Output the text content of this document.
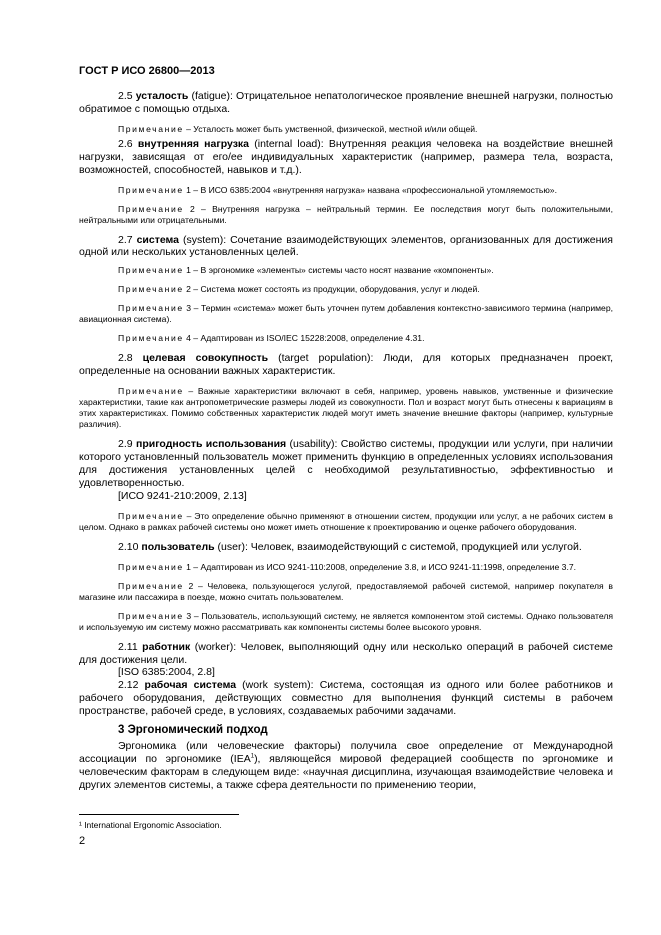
ГОСТ Р ИСО 26800—2013

2.5 усталость (fatigue): Отрицательное непатологическое проявление внешней нагрузки, полностью обратимое с помощью отдыха.

Примечание – Усталость может быть умственной, физической, местной и/или общей.

2.6 внутренняя нагрузка (internal load): Внутренняя реакция человека на воздействие внешней нагрузки, зависящая от его/ее индивидуальных характеристик (например, размера тела, возраста, возможностей, способностей, навыков и т.д.).

Примечание 1 – В ИСО 6385:2004 «внутренняя нагрузка» названа «профессиональной утомляемостью».

Примечание 2 – Внутренняя нагрузка – нейтральный термин. Ее последствия могут быть положительными, нейтральными или отрицательными.

2.7 система (system): Сочетание взаимодействующих элементов, организованных для достижения одной или нескольких установленных целей.

Примечание 1 – В эргономике «элементы» системы часто носят название «компоненты».

Примечание 2 – Система может состоять из продукции, оборудования, услуг и людей.

Примечание 3 – Термин «система» может быть уточнен путем добавления контекстно-зависимого термина (например, авиационная система).

Примечание 4 – Адаптирован из ISO/IEC 15228:2008, определение 4.31.

2.8 целевая совокупность (target population): Люди, для которых предназначен проект, определенные на основании важных характеристик.

Примечание – Важные характеристики включают в себя, например, уровень навыков, умственные и физические характеристики, такие как антропометрические размеры людей из совокупности. Пол и возраст могут быть отнесены к вариациям в этих характеристиках. Помимо собственных характеристик людей могут иметь значение внешние факторы (например, культурные различия).

2.9 пригодность использования (usability): Свойство системы, продукции или услуги, при наличии которого установленный пользователь может применить функцию в определенных условиях использования для достижения установленных целей с необходимой результативностью, эффективностью и удовлетворенностью.

[ИСО 9241-210:2009, 2.13]

Примечание – Это определение обычно применяют в отношении систем, продукции или услуг, а не рабочих систем в целом. Однако в рамках рабочей системы оно может иметь отношение к проектированию и оценке рабочего оборудования.

2.10 пользователь (user): Человек, взаимодействующий с системой, продукцией или услугой.

Примечание 1 – Адаптирован из ИСО 9241-110:2008, определение 3.8, и ИСО 9241-11:1998, определение 3.7.

Примечание 2 – Человека, пользующегося услугой, предоставляемой рабочей системой, например покупателя в магазине или пассажира в поезде, можно считать пользователем.

Примечание 3 – Пользователь, использующий систему, не является компонентом этой системы. Однако пользователя и используемую им систему можно рассматривать как компоненты системы более высокого уровня.

2.11 работник (worker): Человек, выполняющий одну или несколько операций в рабочей системе для достижения цели.

[ISO 6385:2004, 2.8]

2.12 рабочая система (work system): Система, состоящая из одного или более работников и рабочего оборудования, действующих совместно для выполнения функций системы в рабочем пространстве, рабочей среде, в условиях, создаваемых рабочими задачами.

3 Эргономический подход

Эргономика (или человеческие факторы) получила свое определение от Международной ассоциации по эргономике (IEA$^1$), являющейся мировой федерацией сообществ по эргономике и человеческим факторам в следующем виде: «научная дисциплина, изучающая взаимодействие человека и других элементов системы, а также сфера деятельности по применению теории,

¹ International Ergonomic Association.
2
